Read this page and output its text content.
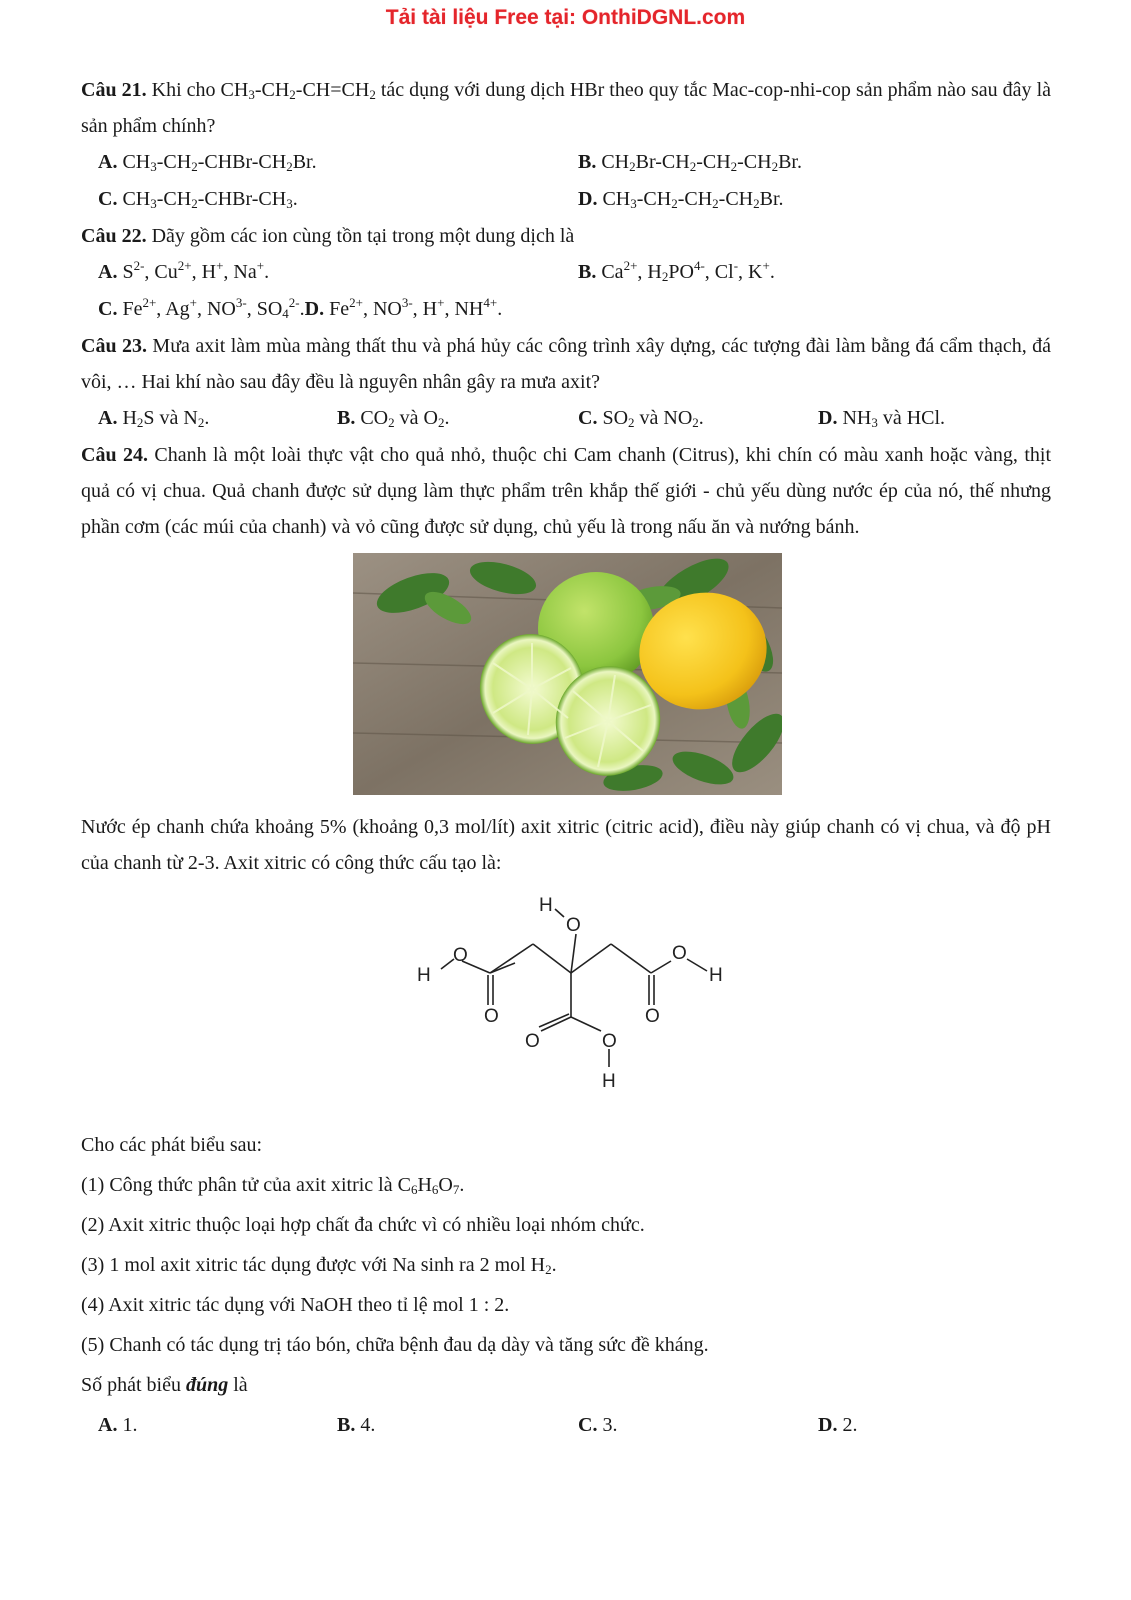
Tải tài liệu Free tại: OnthiDGNL.com

Câu 21. Khi cho $CH_3-CH_2-CH=CH_2$ tác dụng với dung dịch HBr theo quy tắc Mac-cop-nhi-cop sản phẩm nào sau đây là sản phẩm chính?

A. $CH_3-CH_2-CHBr-CH_2Br$.	B. $CH_2Br-CH_2-CH_2-CH_2Br$.
C. $CH_3-CH_2-CHBr-CH_3$.	D. $CH_3-CH_2-CH_2-CH_2Br$.

Câu 22. Dãy gồm các ion cùng tồn tại trong một dung dịch là

A. $S^{2-}$, $Cu^{2+}$, H+, Na+.	B. $Ca^{2+}$, $H_2PO^{4-}$, Cl-, K+.
C. $Fe^{2+}$, Ag+, $NO^{3-}$, $SO_4^{2-}.D$. $Fe^{2+}$, $NO^{3-}$, H+, $NH^{4+}$.

Câu 23. Mưa axit làm mùa màng thất thu và phá hủy các công trình xây dựng, các tượng đài làm bằng đá cẩm thạch, đá vôi, … Hai khí nào sau đây đều là nguyên nhân gây ra mưa axit?

A. $H_2S$ và $N_2$.	B. $CO_2$ và $O_2$.	C. $SO_2$ và $NO_2$.	D. $NH_3$ và HCl.

Câu 24. Chanh là một loài thực vật cho quả nhỏ, thuộc chi Cam chanh (Citrus), khi chín có màu xanh hoặc vàng, thịt quả có vị chua. Quả chanh được sử dụng làm thực phẩm trên khắp thế giới - chủ yếu dùng nước ép của nó, thế nhưng phần cơm (các múi của chanh) và vỏ cũng được sử dụng, chủ yếu là trong nấu ăn và nướng bánh.

Nước ép chanh chứa khoảng 5% (khoảng 0,3 mol/lít) axit xitric (citric acid), điều này giúp chanh có vị chua, và độ pH của chanh từ 2-3. Axit xitric có công thức cấu tạo là:

H
O
H
O
O
O
H
O
O	O
H

Cho các phát biểu sau:

(1) Công thức phân tử của axit xitric là $C_6H_6O_7$.

(2) Axit xitric thuộc loại hợp chất đa chức vì có nhiều loại nhóm chức.

(3) 1 mol axit xitric tác dụng được với Na sinh ra 2 mol $H_2$.

(4) Axit xitric tác dụng với NaOH theo tỉ lệ mol 1 : 2.

(5) Chanh có tác dụng trị táo bón, chữa bệnh đau dạ dày và tăng sức đề kháng.

Số phát biểu đúng là

A. 1.	B. 4.	C. 3.	D. 2.
